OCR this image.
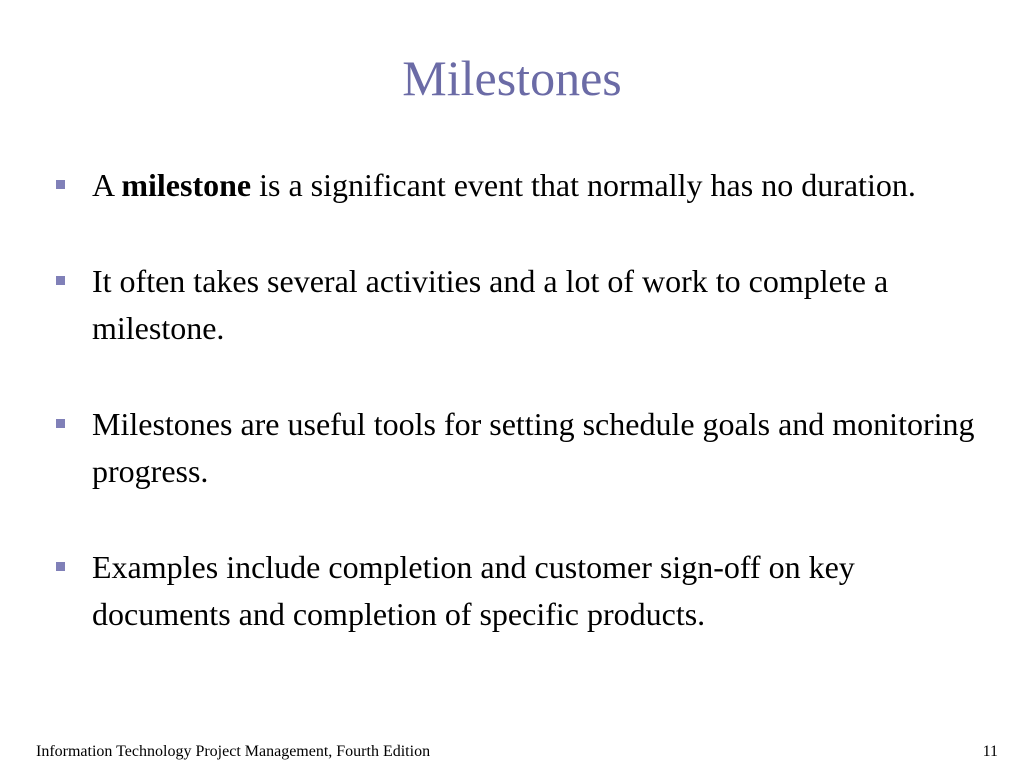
Milestones
A milestone is a significant event that normally has no duration.
It often takes several activities and a lot of work to complete a milestone.
Milestones are useful tools for setting schedule goals and monitoring progress.
Examples include completion and customer sign-off on key documents and completion of specific products.
Information Technology Project Management, Fourth Edition	11
